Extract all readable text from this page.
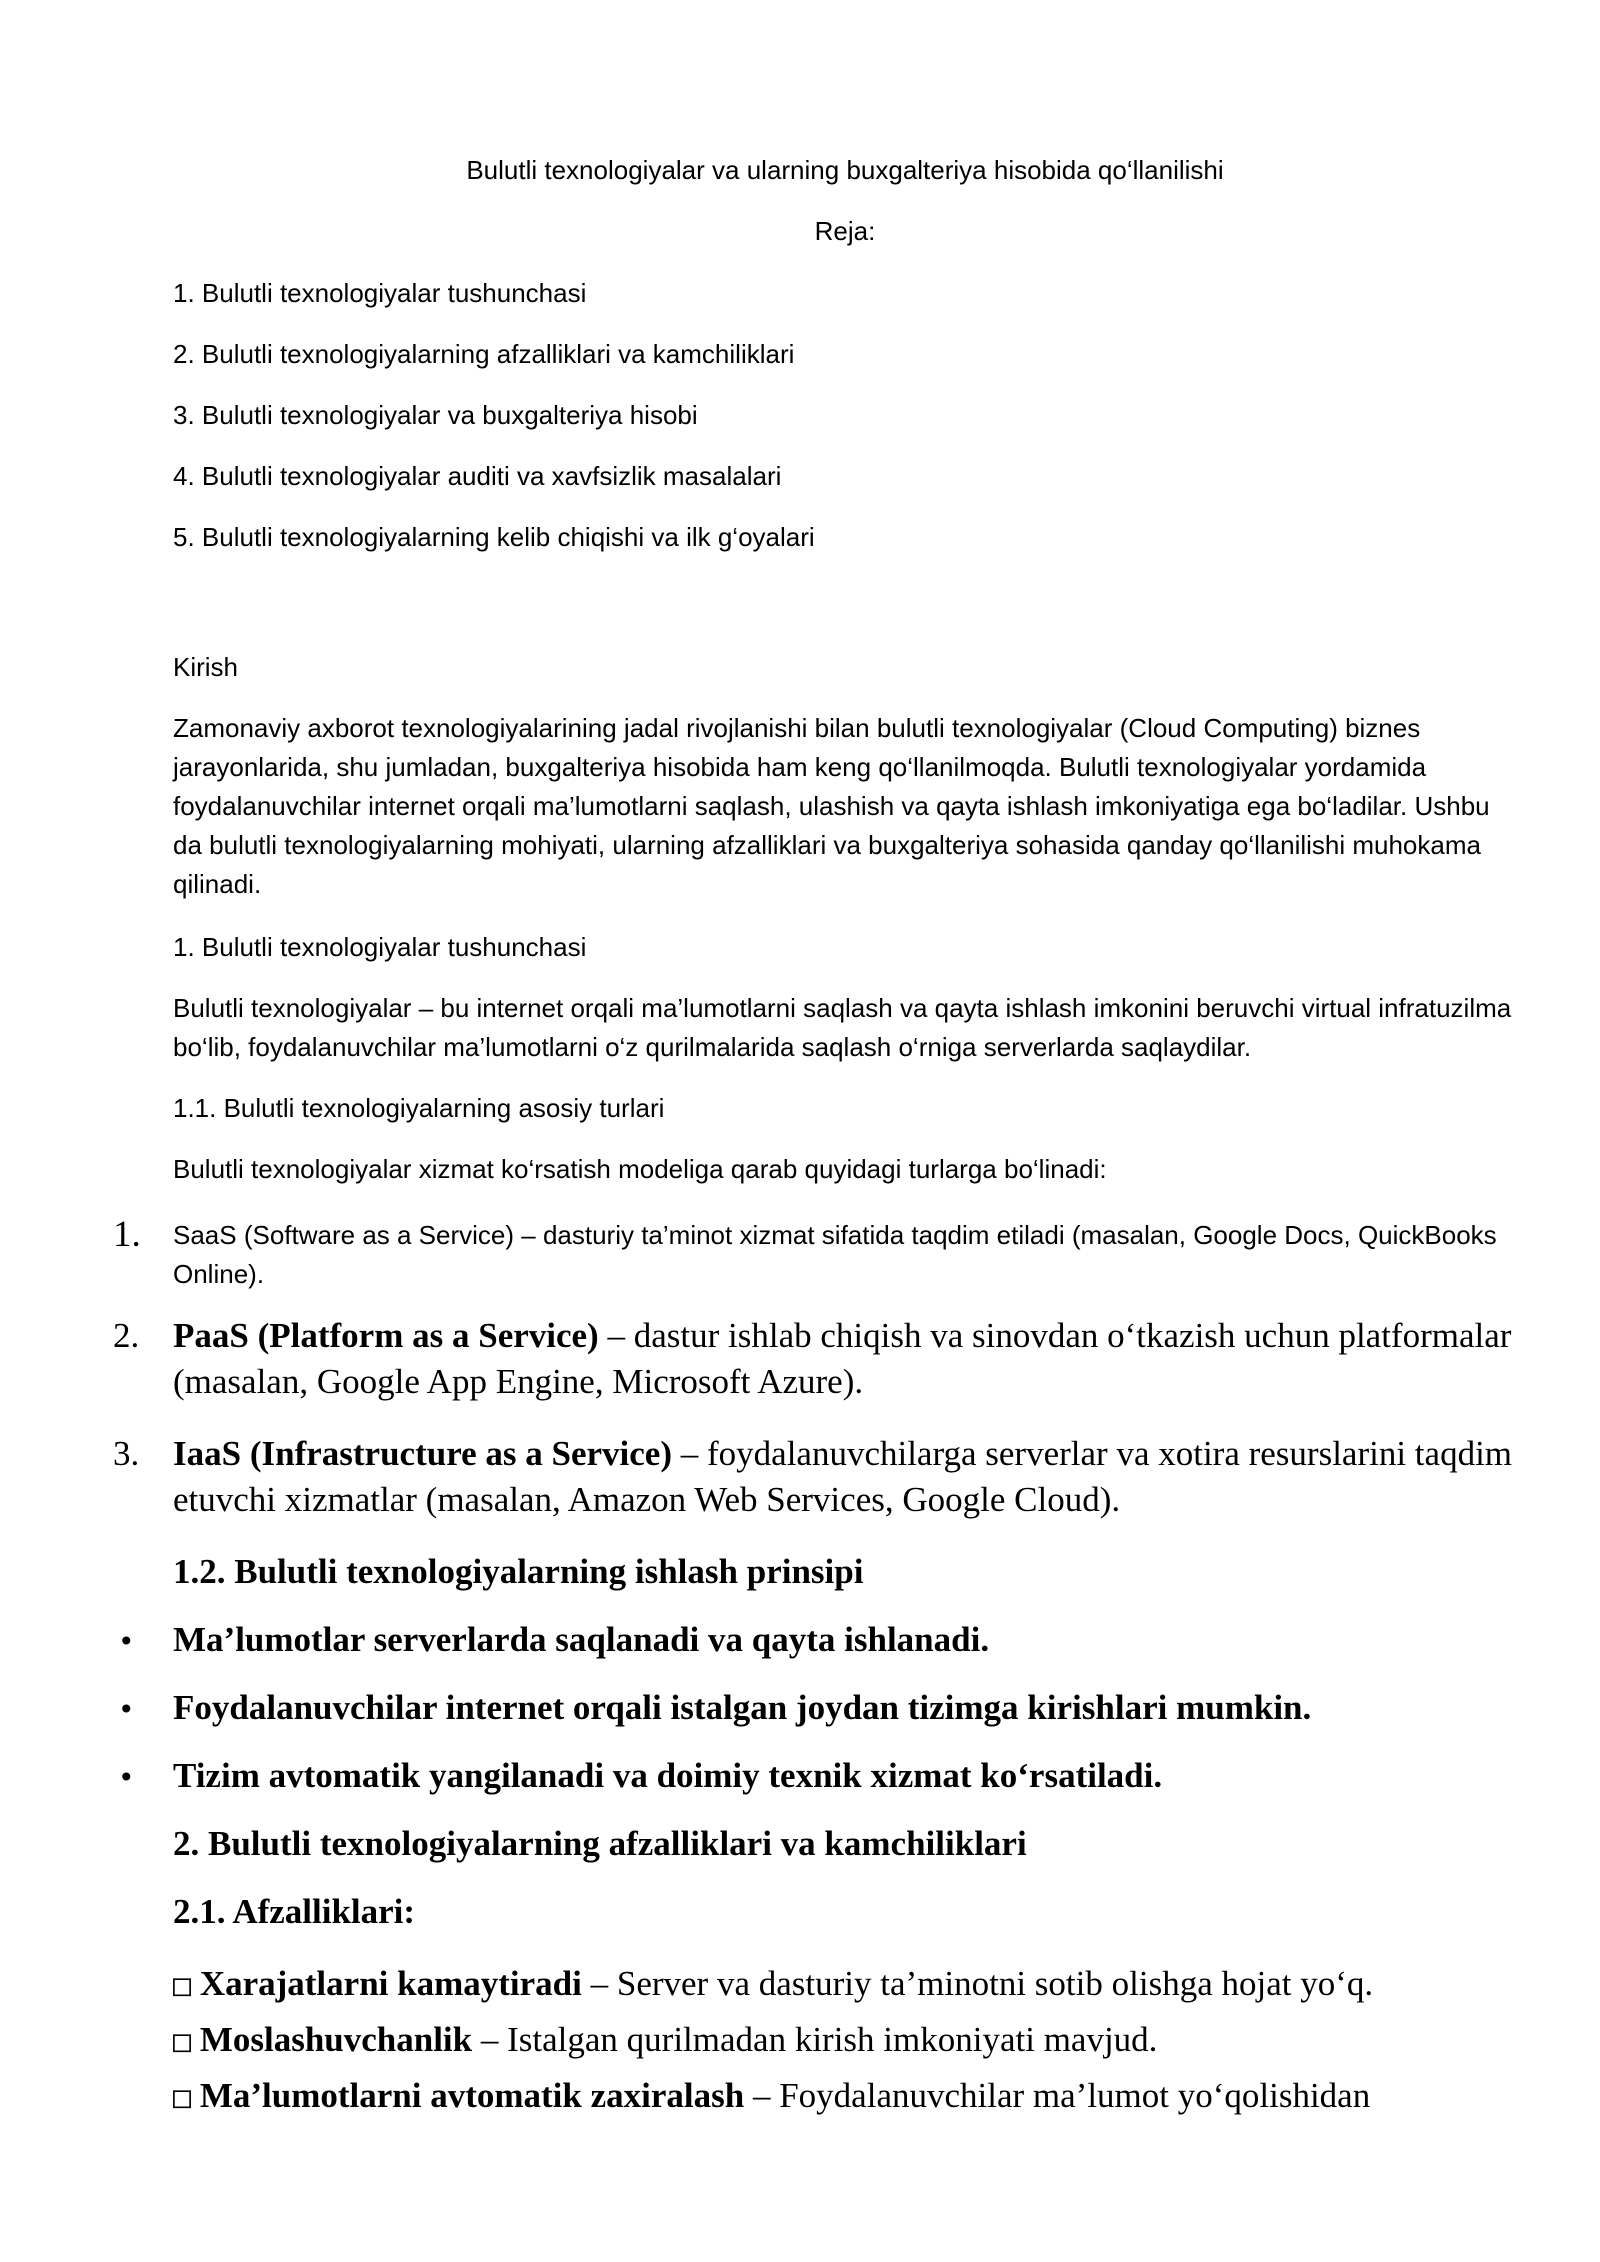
Bulutli texnologiyalar va ularning buxgalteriya hisobida qo‘llanilishi

Reja:

1. Bulutli texnologiyalar tushunchasi

2. Bulutli texnologiyalarning afzalliklari va kamchiliklari

3. Bulutli texnologiyalar va buxgalteriya hisobi

4. Bulutli texnologiyalar auditi va xavfsizlik masalalari

5. Bulutli texnologiyalarning kelib chiqishi va ilk g‘oyalari

Kirish

Zamonaviy axborot texnologiyalarining jadal rivojlanishi bilan bulutli texnologiyalar (Cloud Computing) biznes jarayonlarida, shu jumladan, buxgalteriya hisobida ham keng qo‘llanilmoqda. Bulutli texnologiyalar yordamida foydalanuvchilar internet orqali ma’lumotlarni saqlash, ulashish va qayta ishlash imkoniyatiga ega bo‘ladilar. Ushbu da bulutli texnologiyalarning mohiyati, ularning afzalliklari va buxgalteriya sohasida qanday qo‘llanilishi muhokama qilinadi.

1. Bulutli texnologiyalar tushunchasi

Bulutli texnologiyalar – bu internet orqali ma’lumotlarni saqlash va qayta ishlash imkonini beruvchi virtual infratuzilma bo‘lib, foydalanuvchilar ma’lumotlarni o‘z qurilmalarida saqlash o‘rniga serverlarda saqlaydilar.

1.1. Bulutli texnologiyalarning asosiy turlari

Bulutli texnologiyalar xizmat ko‘rsatish modeliga qarab quyidagi turlarga bo‘linadi:

1. SaaS (Software as a Service) – dasturiy ta’minot xizmat sifatida taqdim etiladi (masalan, Google Docs, QuickBooks Online).
2. PaaS (Platform as a Service) – dastur ishlab chiqish va sinovdan o‘tkazish uchun platformalar (masalan, Google App Engine, Microsoft Azure).
3. IaaS (Infrastructure as a Service) – foydalanuvchilarga serverlar va xotira resurslarini taqdim etuvchi xizmatlar (masalan, Amazon Web Services, Google Cloud).

1.2. Bulutli texnologiyalarning ishlash prinsipi

• Ma’lumotlar serverlarda saqlanadi va qayta ishlanadi.
• Foydalanuvchilar internet orqali istalgan joydan tizimga kirishlari mumkin.
• Tizim avtomatik yangilanadi va doimiy texnik xizmat ko‘rsatiladi.

2. Bulutli texnologiyalarning afzalliklari va kamchiliklari

2.1. Afzalliklari:

□ Xarajatlarni kamaytiradi – Server va dasturiy ta’minotni sotib olishga hojat yo‘q.
□ Moslashuvchanlik – Istalgan qurilmadan kirish imkoniyati mavjud.
□ Ma’lumotlarni avtomatik zaxiralash – Foydalanuvchilar ma’lumot yo‘qolishidan
